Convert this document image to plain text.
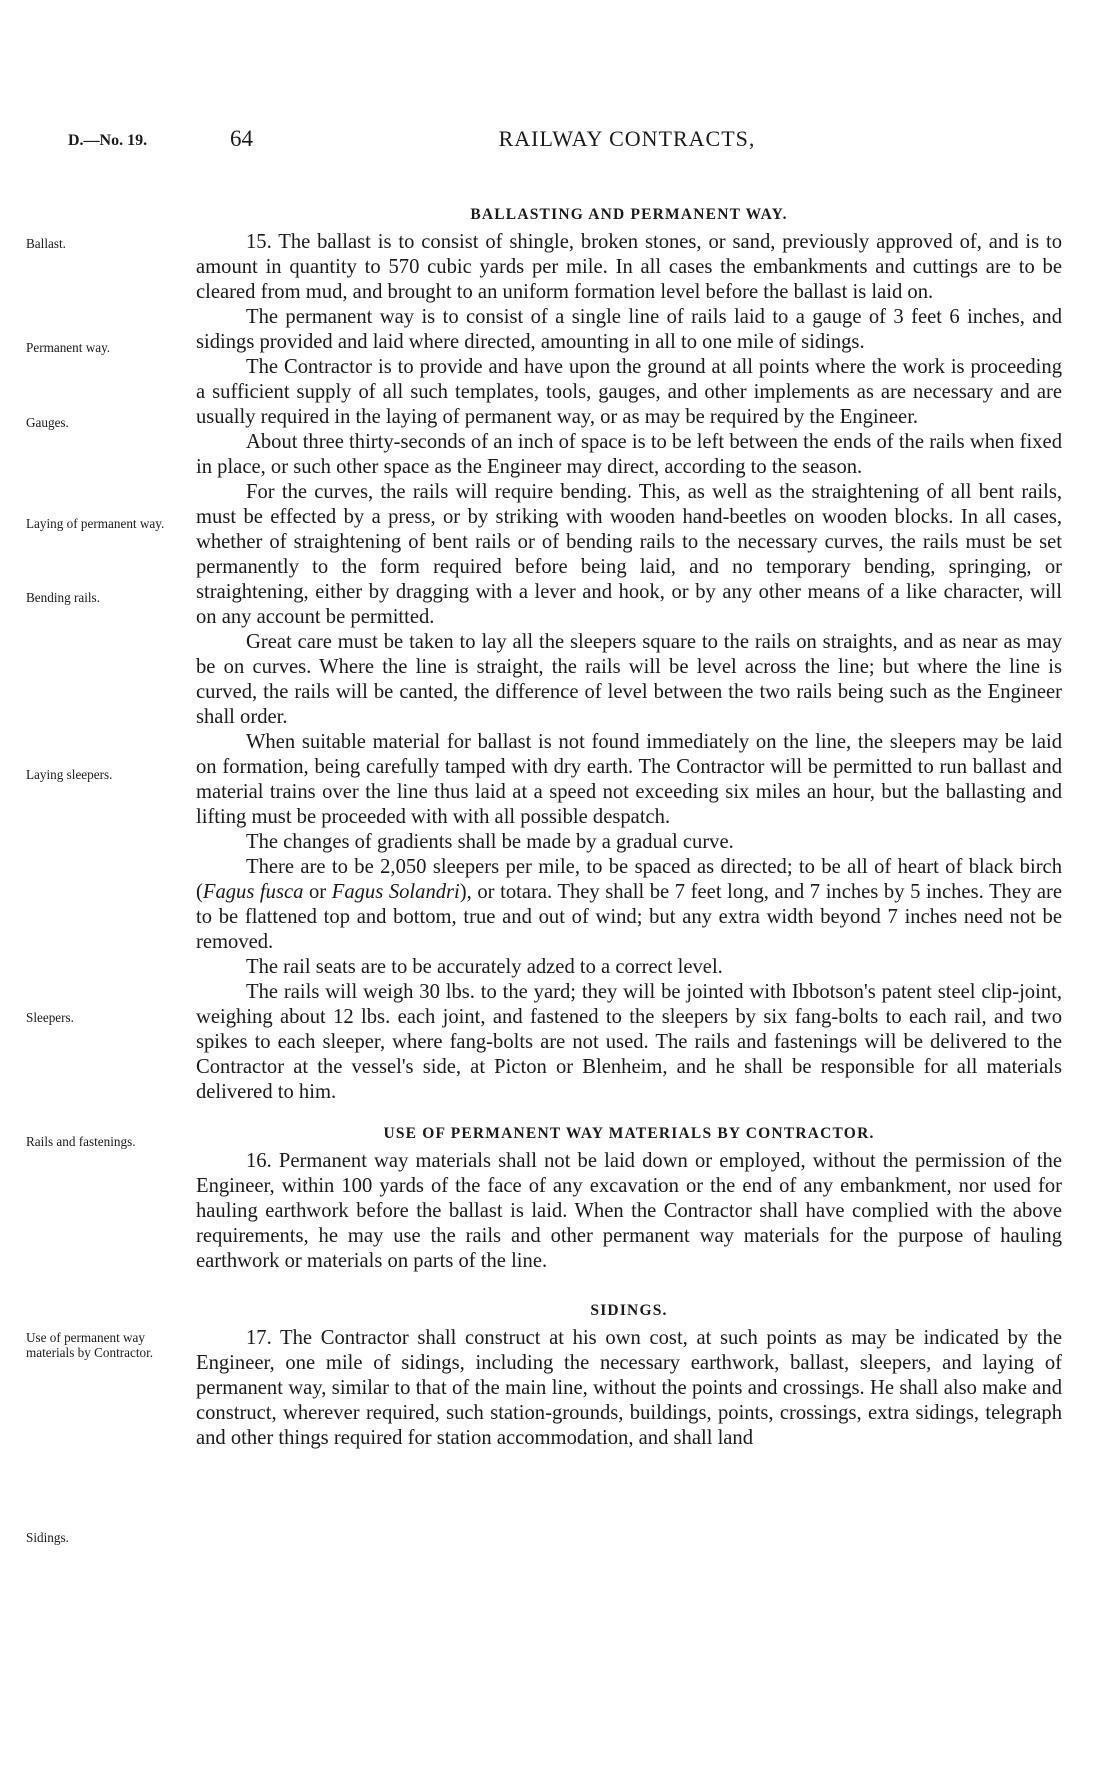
D.—No. 19.	64	RAILWAY CONTRACTS,
Ballast.
Permanent way.
Gauges.
Laying of permanent way.
Bending rails.
Laying sleepers.
Sleepers.
Rails and fastenings.
Use of permanent way materials by Contractor.
Sidings.
BALLASTING AND PERMANENT WAY.

15. The ballast is to consist of shingle, broken stones, or sand, previously approved of, and is to amount in quantity to 570 cubic yards per mile. In all cases the embankments and cuttings are to be cleared from mud, and brought to an uniform formation level before the ballast is laid on.

The permanent way is to consist of a single line of rails laid to a gauge of 3 feet 6 inches, and sidings provided and laid where directed, amounting in all to one mile of sidings.

The Contractor is to provide and have upon the ground at all points where the work is proceeding a sufficient supply of all such templates, tools, gauges, and other implements as are necessary and are usually required in the laying of permanent way, or as may be required by the Engineer.

About three thirty-seconds of an inch of space is to be left between the ends of the rails when fixed in place, or such other space as the Engineer may direct, according to the season.

For the curves, the rails will require bending. This, as well as the straightening of all bent rails, must be effected by a press, or by striking with wooden hand-beetles on wooden blocks. In all cases, whether of straightening of bent rails or of bending rails to the necessary curves, the rails must be set permanently to the form required before being laid, and no temporary bending, springing, or straightening, either by dragging with a lever and hook, or by any other means of a like character, will on any account be permitted.

Great care must be taken to lay all the sleepers square to the rails on straights, and as near as may be on curves. Where the line is straight, the rails will be level across the line; but where the line is curved, the rails will be canted, the difference of level between the two rails being such as the Engineer shall order.

When suitable material for ballast is not found immediately on the line, the sleepers may be laid on formation, being carefully tamped with dry earth. The Contractor will be permitted to run ballast and material trains over the line thus laid at a speed not exceeding six miles an hour, but the ballasting and lifting must be proceeded with with all possible despatch.

The changes of gradients shall be made by a gradual curve.

There are to be 2,050 sleepers per mile, to be spaced as directed; to be all of heart of black birch (Fagus fusca or Fagus Solandri), or totara. They shall be 7 feet long, and 7 inches by 5 inches. They are to be flattened top and bottom, true and out of wind; but any extra width beyond 7 inches need not be removed.

The rail seats are to be accurately adzed to a correct level.

The rails will weigh 30 lbs. to the yard; they will be jointed with Ibbotson's patent steel clip-joint, weighing about 12 lbs. each joint, and fastened to the sleepers by six fang-bolts to each rail, and two spikes to each sleeper, where fang-bolts are not used. The rails and fastenings will be delivered to the Contractor at the vessel's side, at Picton or Blenheim, and he shall be responsible for all materials delivered to him.

USE OF PERMANENT WAY MATERIALS BY CONTRACTOR.

16. Permanent way materials shall not be laid down or employed, without the permission of the Engineer, within 100 yards of the face of any excavation or the end of any embankment, nor used for hauling earthwork before the ballast is laid. When the Contractor shall have complied with the above requirements, he may use the rails and other permanent way materials for the purpose of hauling earthwork or materials on parts of the line.

SIDINGS.

17. The Contractor shall construct at his own cost, at such points as may be indicated by the Engineer, one mile of sidings, including the necessary earthwork, ballast, sleepers, and laying of permanent way, similar to that of the main line, without the points and crossings. He shall also make and construct, wherever required, such station-grounds, buildings, points, crossings, extra sidings, telegraph and other things required for station accommodation, and shall land
